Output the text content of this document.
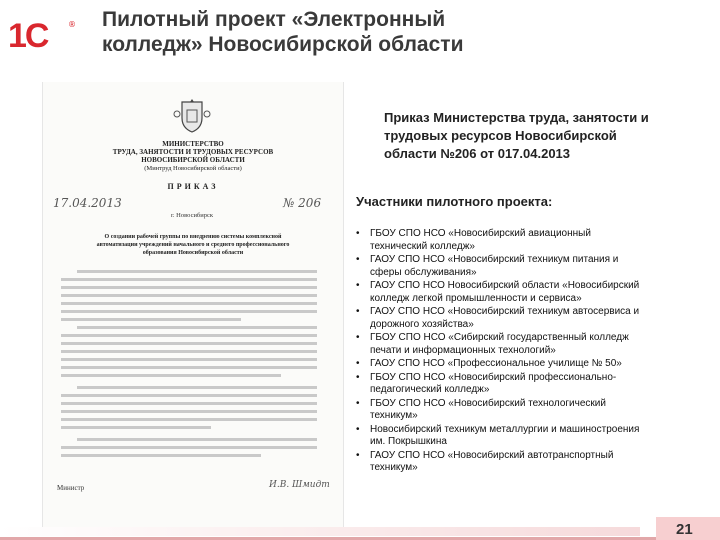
1С	® Пилотный проект «Электронный
колледж» Новосибирской области
МИНИСТЕРСТВО
ТРУДА, ЗАНЯТОСТИ И ТРУДОВЫХ РЕСУРСОВ
НОВОСИБИРСКОЙ ОБЛАСТИ
(Минтруд Новосибирской области)
ПРИКАЗ
17.04.2013	№ 206
г. Новосибирск
О создании рабочей группы по внедрению системы комплексной
автоматизации учреждений начального и среднего профессионального
образования Новосибирской области
Министр	И.В. Шмидт
Приказ Министерства труда, занятости и
трудовых ресурсов Новосибирской
области №206 от 017.04.2013
Участники пилотного проекта:
• ГБОУ СПО НСО «Новосибирский авиационный
технический колледж»
• ГАОУ СПО НСО «Новосибирский техникум питания и
сферы обслуживания»
• ГАОУ СПО НСО Новосибирский области «Новосибирский
колледж легкой промышленности и сервиса»
• ГАОУ СПО НСО «Новосибирский техникум автосервиса и
дорожного хозяйства»
• ГБОУ СПО НСО «Сибирский государственный колледж
печати и информационных технологий»
• ГАОУ СПО НСО «Профессиональное училище № 50»
• ГБОУ СПО НСО «Новосибирский профессионально-
педагогический колледж»
• ГБОУ СПО НСО «Новосибирский технологический
техникум»
• Новосибирский техникум металлургии и машиностроения
им. Покрышкина
• ГАОУ СПО НСО «Новосибирский автотранспортный
техникум»
21
